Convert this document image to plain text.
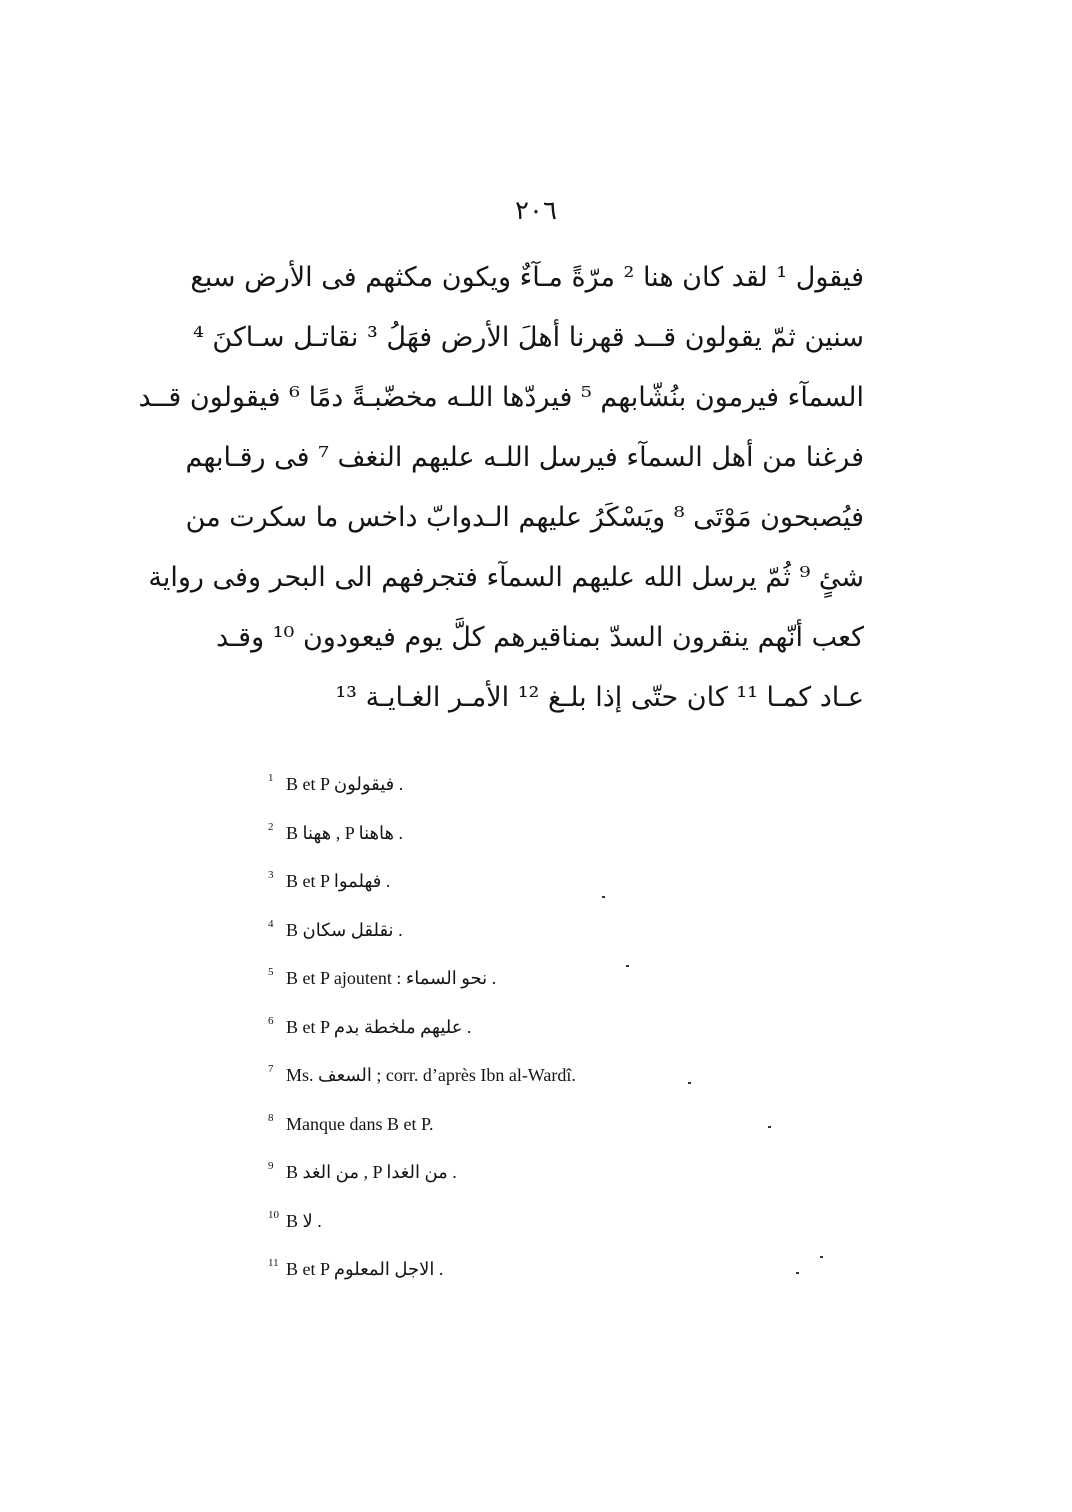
٢٠٦
فيقول ¹ لقد كان هنا ² مرّةً مـآءٌ ويكون مكثهم فى الأرض سبع
سنين ثمّ يقولون قــد قهرنا أهلَ الأرض فهَلُ ³ نقاتـل سـاكنَ ⁴
السمآء فيرمون بنُشّابهم ⁵ فيردّها اللـه مخضّبـةً دمًا ⁶ فيقولون قــد
فرغنا من أهل السمآء فيرسل اللـه عليهم النغف ⁷ فى رقـابهم
فيُصبحون مَوْتَى ⁸ ويَسْكَرُ عليهم الـدوابّ داخس ما سكرت من
شئٍ ⁹ ثُمّ يرسل الله عليهم السمآء فتجرفهم الى البحر وفى رواية
كعب أنّهم ينقرون السدّ بمناقيرهم كلَّ يوم فيعودون ¹⁰ وقـد
عـاد كمـا ¹¹ كان حتّى إذا بلـغ ¹² الأمـر الغـايـة ¹³
1 B et P فيقولون .
2 B ههنا , P هاهنا .
3 B et P فهلموا .
4 B نقلقل سكان .
5 B et P ajoutent : نحو السماء .
6 B et P عليهم ملخطة بدم .
7 Ms. السعف ; corr. d’après Ibn al-Wardî.
8 Manque dans B et P.
9 B من الغد , P من الغدا .
10 B لا .
11 B et P الاجل المعلوم .
